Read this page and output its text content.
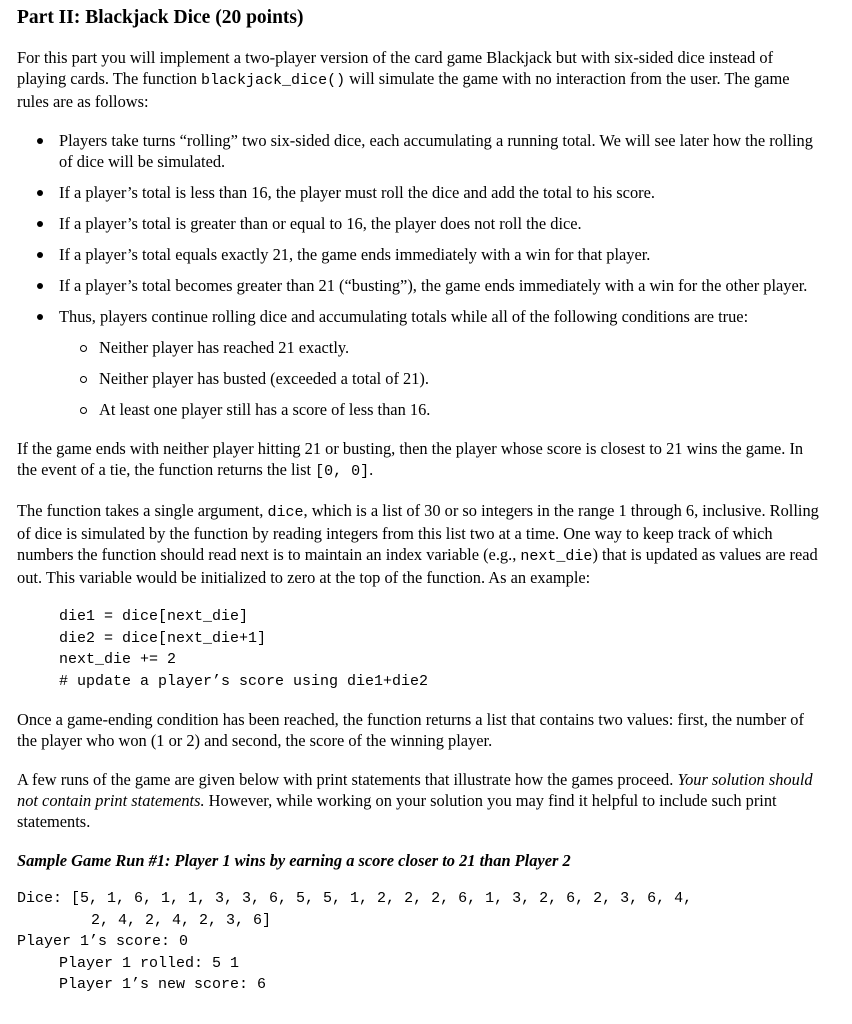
Part II: Blackjack Dice (20 points)

For this part you will implement a two-player version of the card game Blackjack but with six-sided dice instead of playing cards. The function blackjack_dice() will simulate the game with no interaction from the user. The game rules are as follows:

Players take turns “rolling” two six-sided dice, each accumulating a running total. We will see later how the rolling of dice will be simulated.
If a player’s total is less than 16, the player must roll the dice and add the total to his score.
If a player’s total is greater than or equal to 16, the player does not roll the dice.
If a player’s total equals exactly 21, the game ends immediately with a win for that player.
If a player’s total becomes greater than 21 (“busting”), the game ends immediately with a win for the other player.
Thus, players continue rolling dice and accumulating totals while all of the following conditions are true:
Neither player has reached 21 exactly.
Neither player has busted (exceeded a total of 21).
At least one player still has a score of less than 16.

If the game ends with neither player hitting 21 or busting, then the player whose score is closest to 21 wins the game. In the event of a tie, the function returns the list [0, 0].

The function takes a single argument, dice, which is a list of 30 or so integers in the range 1 through 6, inclusive. Rolling of dice is simulated by the function by reading integers from this list two at a time. One way to keep track of which numbers the function should read next is to maintain an index variable (e.g., next_die) that is updated as values are read out. This variable would be initialized to zero at the top of the function. As an example:

die1 = dice[next_die]
die2 = dice[next_die+1]
next_die += 2
# update a player’s score using die1+die2

Once a game-ending condition has been reached, the function returns a list that contains two values: first, the number of the player who won (1 or 2) and second, the score of the winning player.

A few runs of the game are given below with print statements that illustrate how the games proceed. Your solution should not contain print statements. However, while working on your solution you may find it helpful to include such print statements.

Sample Game Run #1: Player 1 wins by earning a score closer to 21 than Player 2
Dice: [5, 1, 6, 1, 1, 3, 3, 6, 5, 5, 1, 2, 2, 2, 6, 1, 3, 2, 6, 2, 3, 6, 4,
2, 4, 2, 4, 2, 3, 6]
Player 1’s score: 0
Player 1 rolled: 5 1
Player 1’s new score: 6
